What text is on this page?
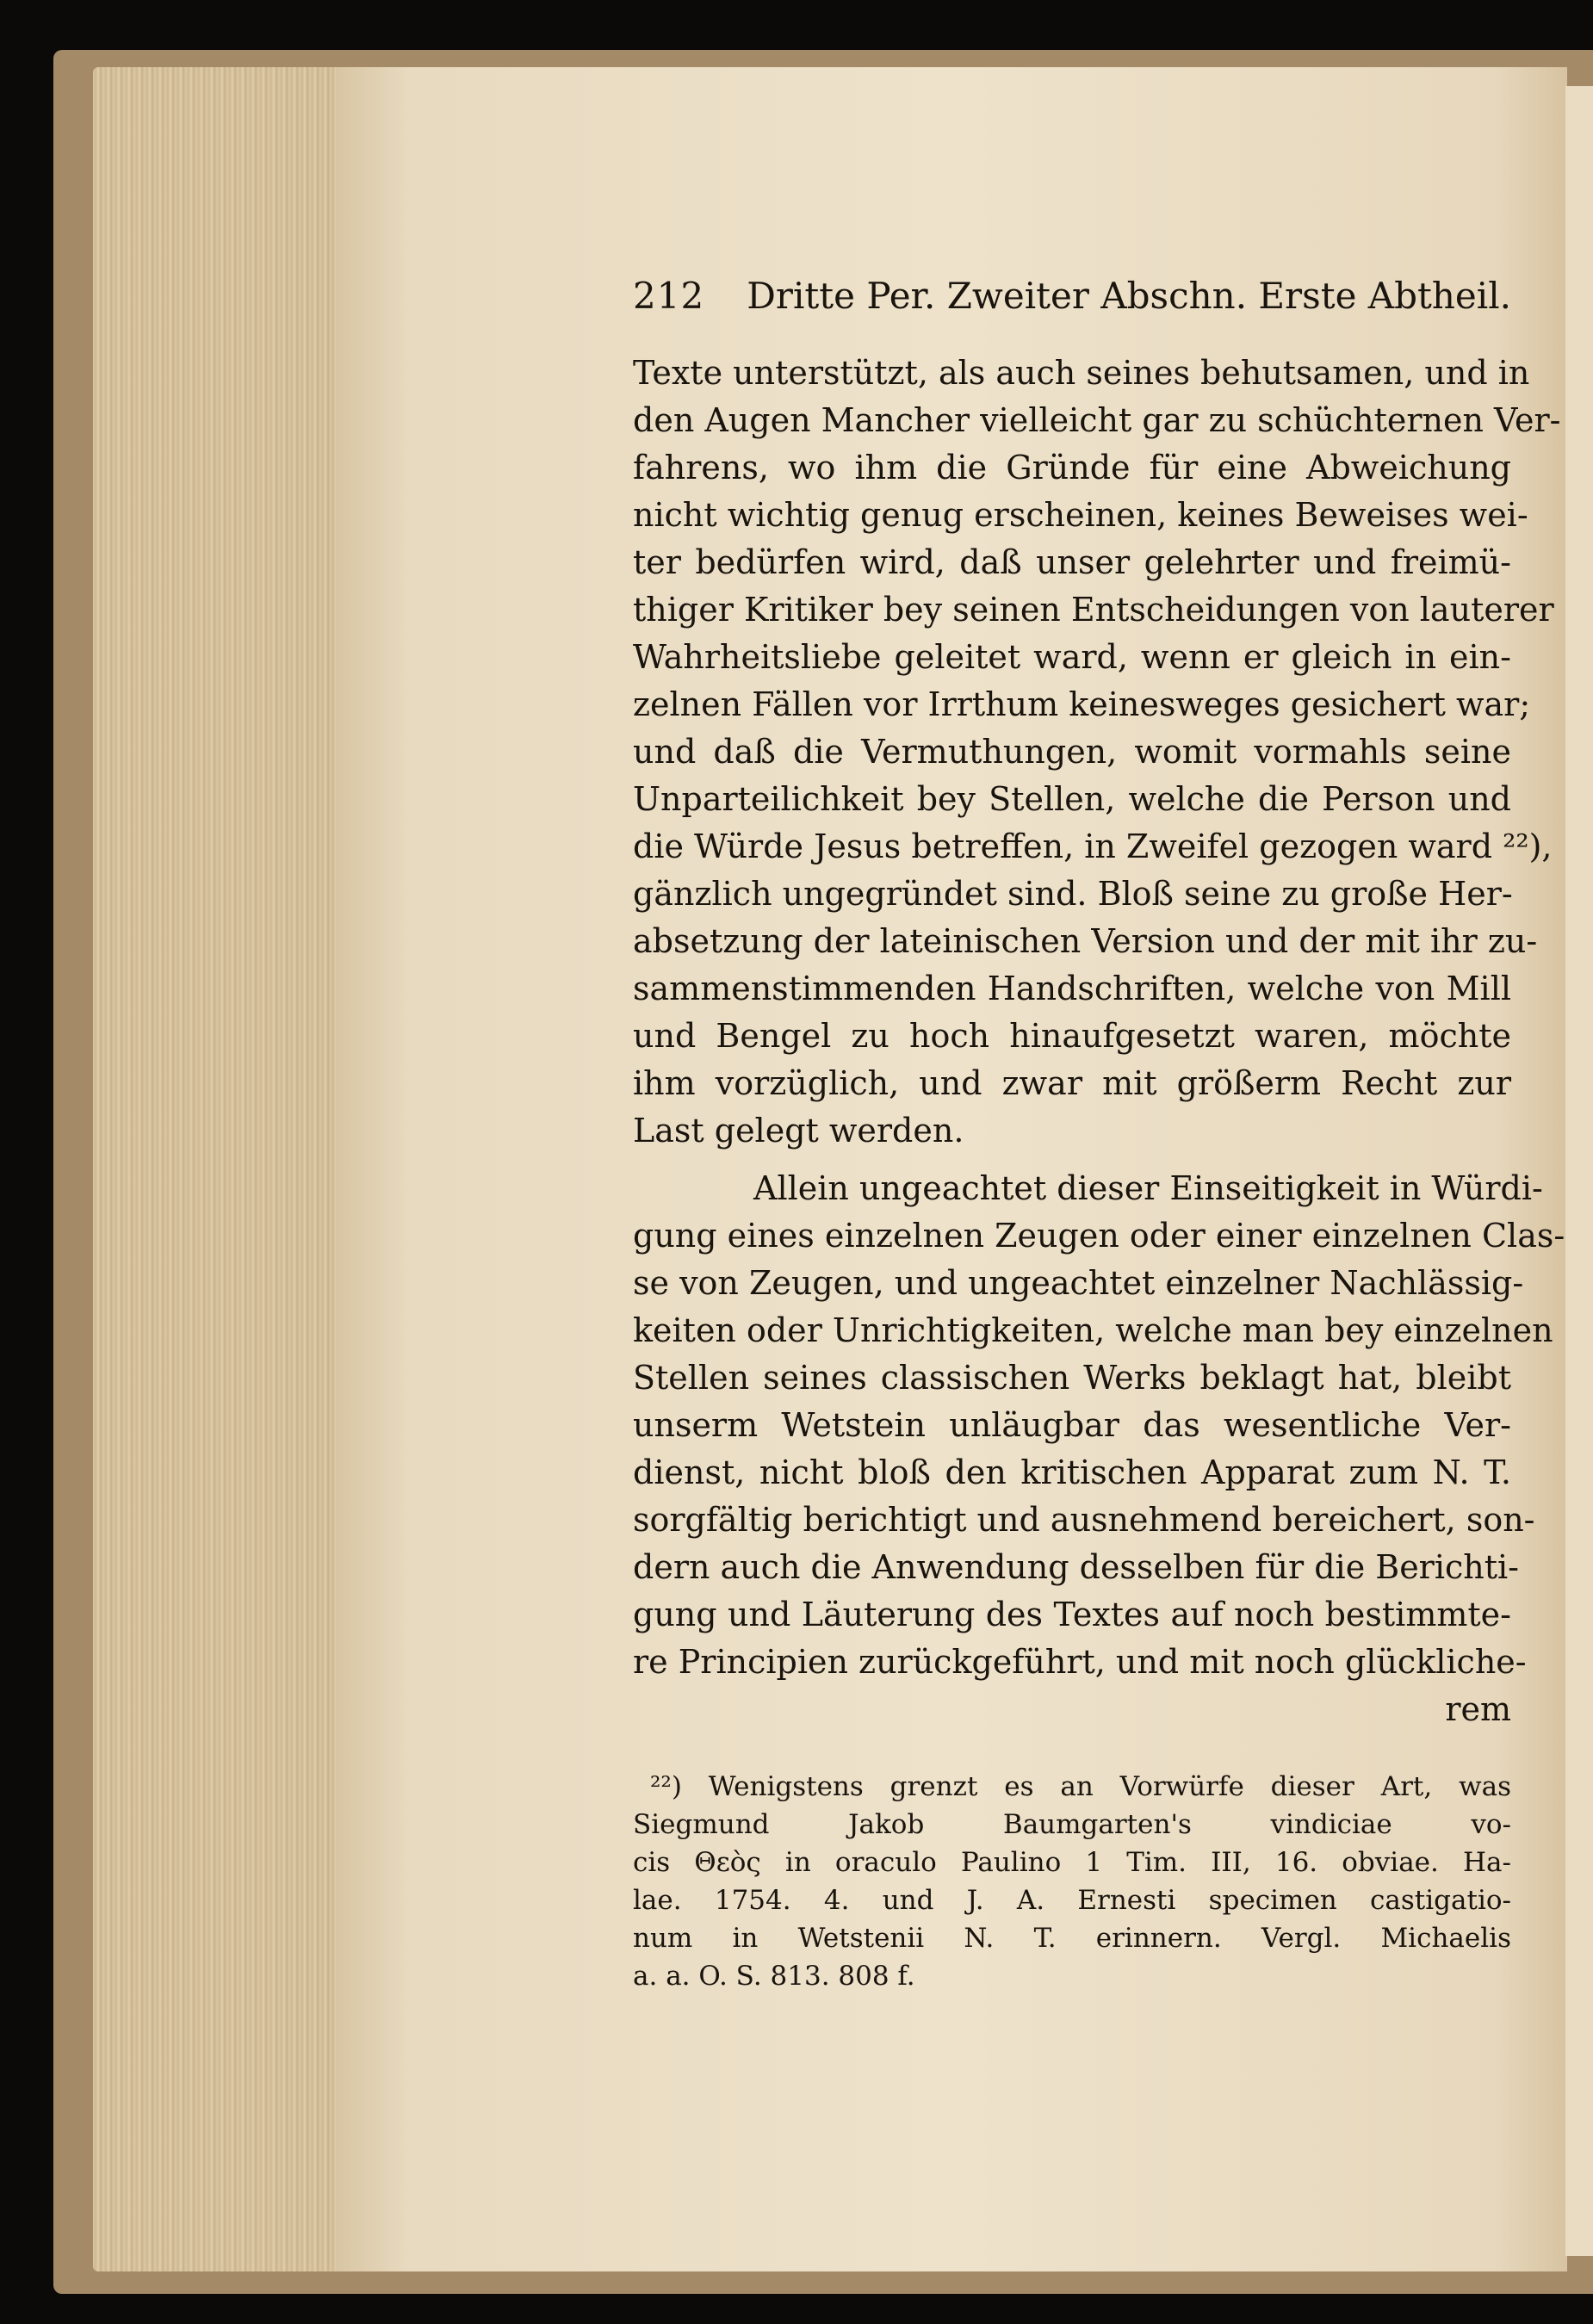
212 Dritte Per. Zweiter Abschn. Erste Abtheil.
Texte unterstützt, als auch seines behutsamen, und in
den Augen Mancher vielleicht gar zu schüchternen Ver-
fahrens, wo ihm die Gründe für eine Abweichung
nicht wichtig genug erscheinen, keines Beweises wei-
ter bedürfen wird, daß unser gelehrter und freimü-
thiger Kritiker bey seinen Entscheidungen von lauterer
Wahrheitsliebe geleitet ward, wenn er gleich in ein-
zelnen Fällen vor Irrthum keinesweges gesichert war;
und daß die Vermuthungen, womit vormahls seine
Unparteilichkeit bey Stellen, welche die Person und
die Würde Jesus betreffen, in Zweifel gezogen ward ²²),
gänzlich ungegründet sind. Bloß seine zu große Her-
absetzung der lateinischen Version und der mit ihr zu-
sammenstimmenden Handschriften, welche von Mill
und Bengel zu hoch hinaufgesetzt waren, möchte
ihm vorzüglich, und zwar mit größerm Recht zur
Last gelegt werden.
Allein ungeachtet dieser Einseitigkeit in Würdi-
gung eines einzelnen Zeugen oder einer einzelnen Clas-
se von Zeugen, und ungeachtet einzelner Nachlässig-
keiten oder Unrichtigkeiten, welche man bey einzelnen
Stellen seines classischen Werks beklagt hat, bleibt
unserm Wetstein unläugbar das wesentliche Ver-
dienst, nicht bloß den kritischen Apparat zum N. T.
sorgfältig berichtigt und ausnehmend bereichert, son-
dern auch die Anwendung desselben für die Berichti-
gung und Läuterung des Textes auf noch bestimmte-
re Principien zurückgeführt, und mit noch glückliche-
rem
²²) Wenigstens grenzt es an Vorwürfe dieser Art, was
Siegmund Jakob Baumgarten's vindiciae vo-
cis Θεὸς in oraculo Paulino 1 Tim. III, 16. obviae. Ha-
lae. 1754. 4. und J. A. Ernesti specimen castigatio-
num in Wetstenii N. T. erinnern. Vergl. Michaelis
a. a. O. S. 813. 808 f.
